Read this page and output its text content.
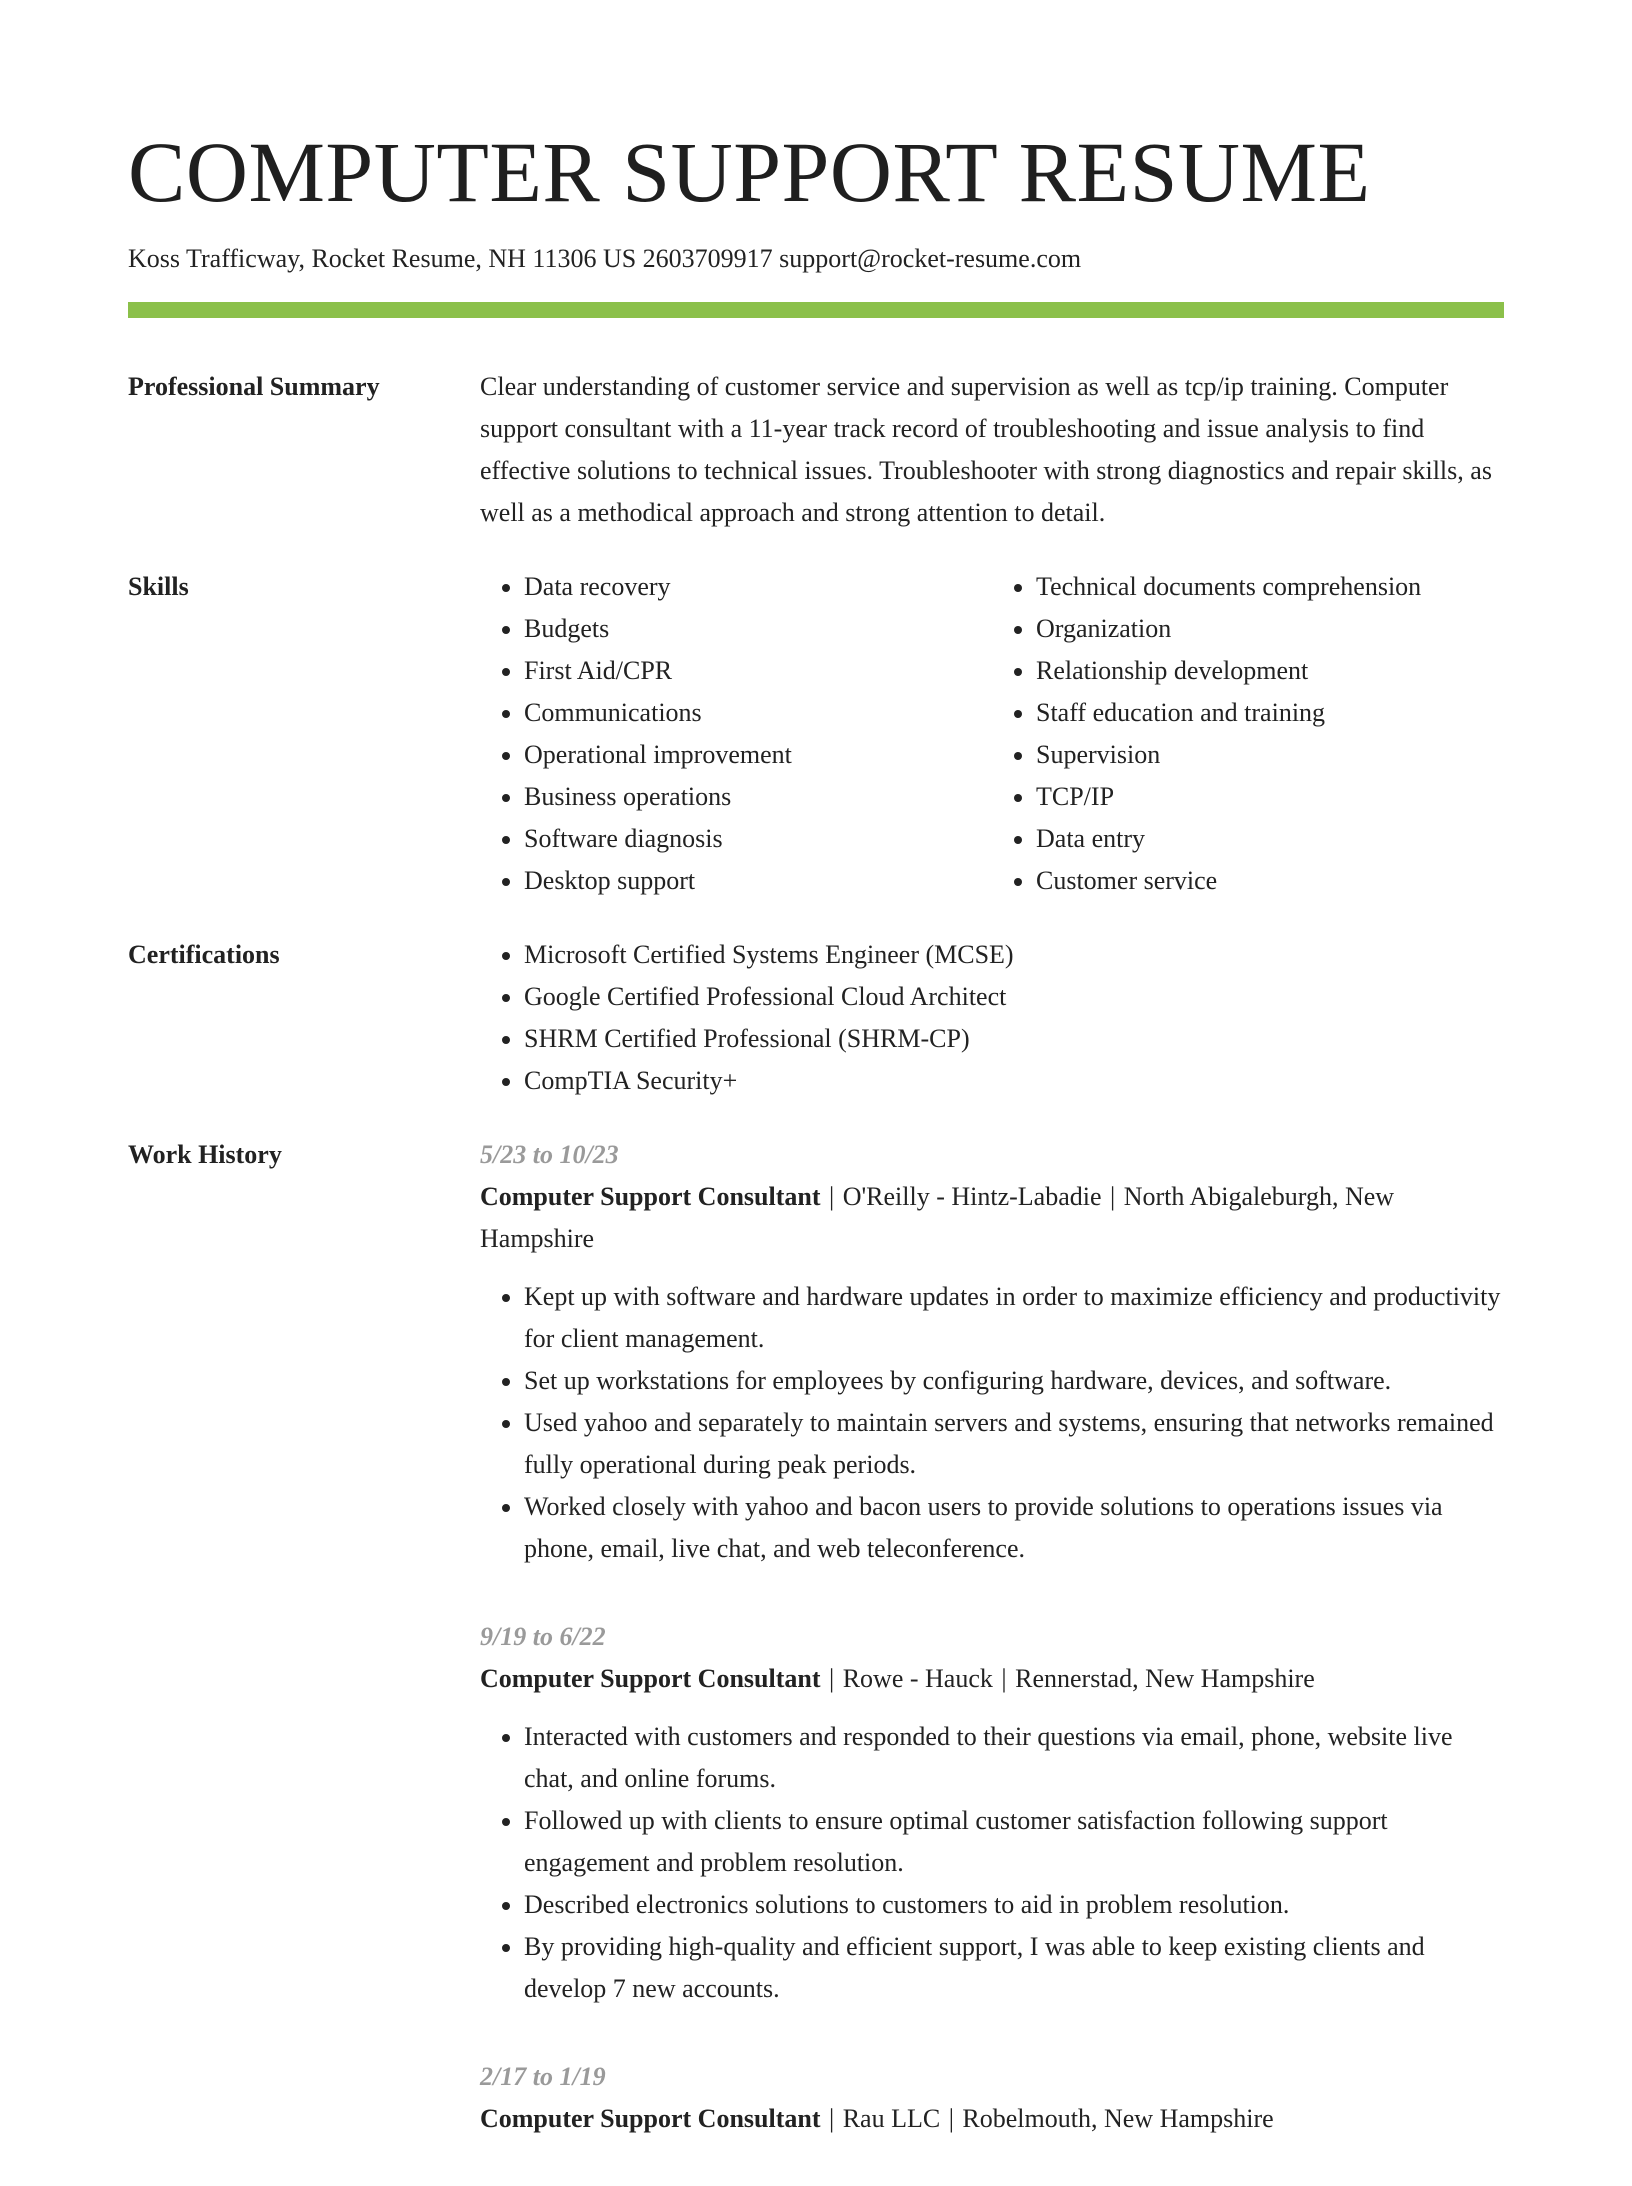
COMPUTER SUPPORT RESUME
Koss Trafficway, Rocket Resume, NH 11306 US 2603709917 support@rocket-resume.com
Professional Summary	Clear understanding of customer service and supervision as well as tcp/ip training. Computer support consultant with a 11-year track record of troubleshooting and issue analysis to find effective solutions to technical issues. Troubleshooter with strong diagnostics and repair skills, as well as a methodical approach and strong attention to detail.

Skills	• Data recovery
• Budgets
• First Aid/CPR
• Communications
• Operational improvement
• Business operations
• Software diagnosis
• Desktop support
• Technical documents comprehension
• Organization
• Relationship development
• Staff education and training
• Supervision
• TCP/IP
• Data entry
• Customer service
Certifications	• Microsoft Certified Systems Engineer (MCSE)
• Google Certified Professional Cloud Architect
• SHRM Certified Professional (SHRM-CP)
• CompTIA Security+
Work History	5/23 to 10/23
Computer Support Consultant | O'Reilly - Hintz-Labadie | North Abigaleburgh, New Hampshire
• Kept up with software and hardware updates in order to maximize efficiency and productivity for client management.
• Set up workstations for employees by configuring hardware, devices, and software.
• Used yahoo and separately to maintain servers and systems, ensuring that networks remained fully operational during peak periods.
• Worked closely with yahoo and bacon users to provide solutions to operations issues via phone, email, live chat, and web teleconference.
9/19 to 6/22
Computer Support Consultant | Rowe - Hauck | Rennerstad, New Hampshire
• Interacted with customers and responded to their questions via email, phone, website live chat, and online forums.
• Followed up with clients to ensure optimal customer satisfaction following support engagement and problem resolution.
• Described electronics solutions to customers to aid in problem resolution.
• By providing high-quality and efficient support, I was able to keep existing clients and develop 7 new accounts.
2/17 to 1/19
Computer Support Consultant | Rau LLC | Robelmouth, New Hampshire
